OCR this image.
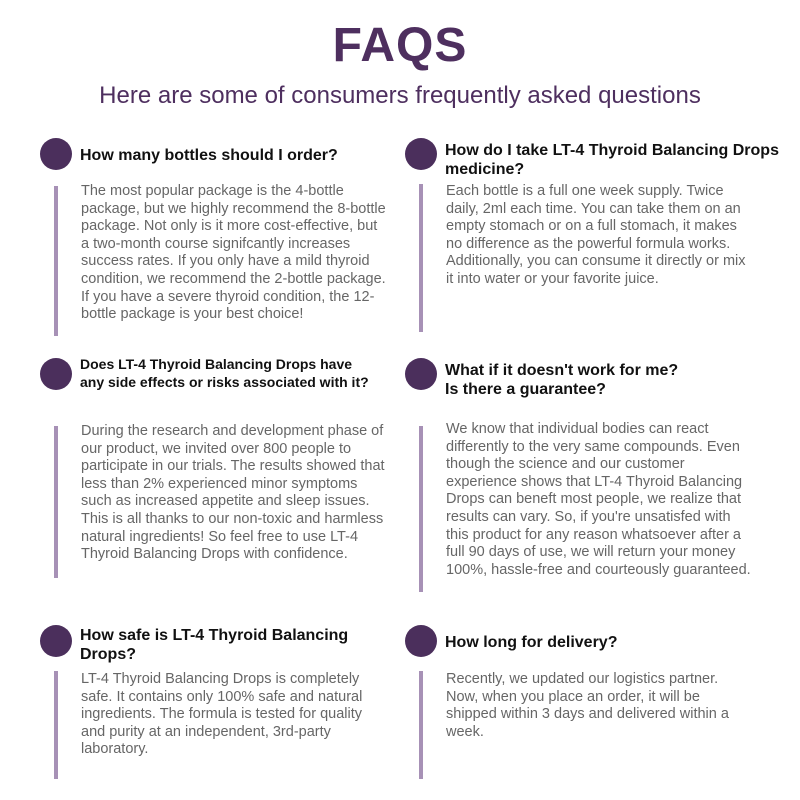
FAQS
Here are some of consumers frequently asked questions
How many bottles should I order?

The most popular package is the 4-bottle package, but we highly recommend the 8-bottle package. Not only is it more cost-effective, but a two-month course signifcantly increases success rates. If you only have a mild thyroid condition, we recommend the 2-bottle package. If you have a severe thyroid condition, the 12-bottle package is your best choice!

How do I take LT-4 Thyroid Balancing Drops medicine?

Each bottle is a full one week supply. Twice daily, 2ml each time. You can take them on an empty stomach or on a full stomach, it makes no difference as the powerful formula works. Additionally, you can consume it directly or mix it into water or your favorite juice.

Does LT-4 Thyroid Balancing Drops have any side effects or risks associated with it?

During the research and development phase of our product, we invited over 800 people to participate in our trials. The results showed that less than 2% experienced minor symptoms such as increased appetite and sleep issues. This is all thanks to our non-toxic and harmless natural ingredients! So feel free to use LT-4 Thyroid Balancing Drops with confidence.

What if it doesn't work for me? Is there a guarantee?

We know that individual bodies can react differently to the very same compounds. Even though the science and our customer experience shows that LT-4 Thyroid Balancing Drops can beneft most people, we realize that results can vary. So, if you're unsatisfed with this product for any reason whatsoever after a full 90 days of use, we will return your money 100%, hassle-free and courteously guaranteed.

How safe is LT-4 Thyroid Balancing Drops?

LT-4 Thyroid Balancing Drops is completely safe. It contains only 100% safe and natural ingredients. The formula is tested for quality and purity at an independent, 3rd-party laboratory.

How long for delivery?

Recently, we updated our logistics partner. Now, when you place an order, it will be shipped within 3 days and delivered within a week.
